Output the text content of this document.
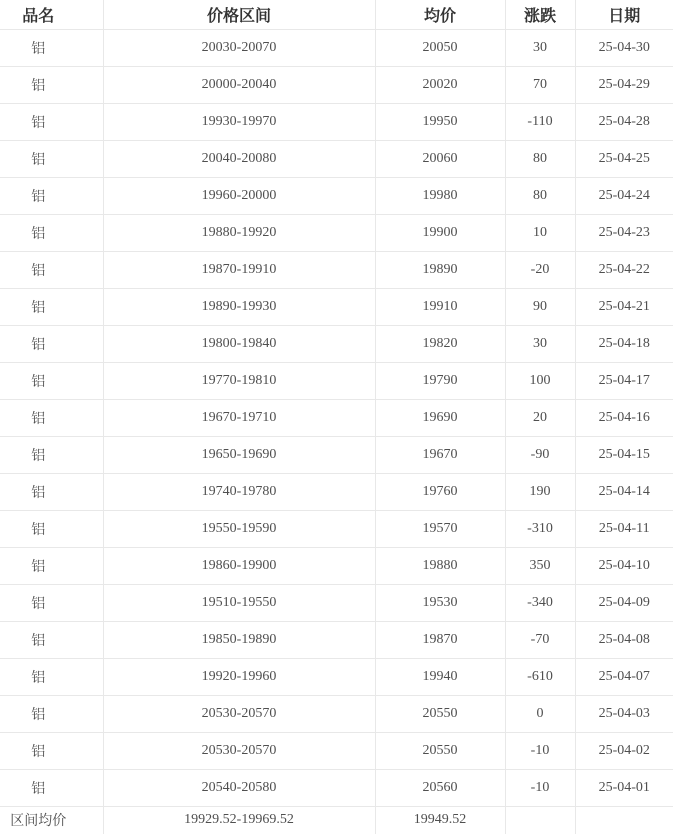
品名	价格区间	均价	涨跌	日期
铝	20030-20070	20050	30	25-04-30
铝	20000-20040	20020	70	25-04-29
铝	19930-19970	19950	-110	25-04-28
铝	20040-20080	20060	80	25-04-25
铝	19960-20000	19980	80	25-04-24
铝	19880-19920	19900	10	25-04-23
铝	19870-19910	19890	-20	25-04-22
铝	19890-19930	19910	90	25-04-21
铝	19800-19840	19820	30	25-04-18
铝	19770-19810	19790	100	25-04-17
铝	19670-19710	19690	20	25-04-16
铝	19650-19690	19670	-90	25-04-15
铝	19740-19780	19760	190	25-04-14
铝	19550-19590	19570	-310	25-04-11
铝	19860-19900	19880	350	25-04-10
铝	19510-19550	19530	-340	25-04-09
铝	19850-19890	19870	-70	25-04-08
铝	19920-19960	19940	-610	25-04-07
铝	20530-20570	20550	0	25-04-03
铝	20530-20570	20550	-10	25-04-02
铝	20540-20580	20560	-10	25-04-01
区间均价	19929.52-19969.52	19949.52		
